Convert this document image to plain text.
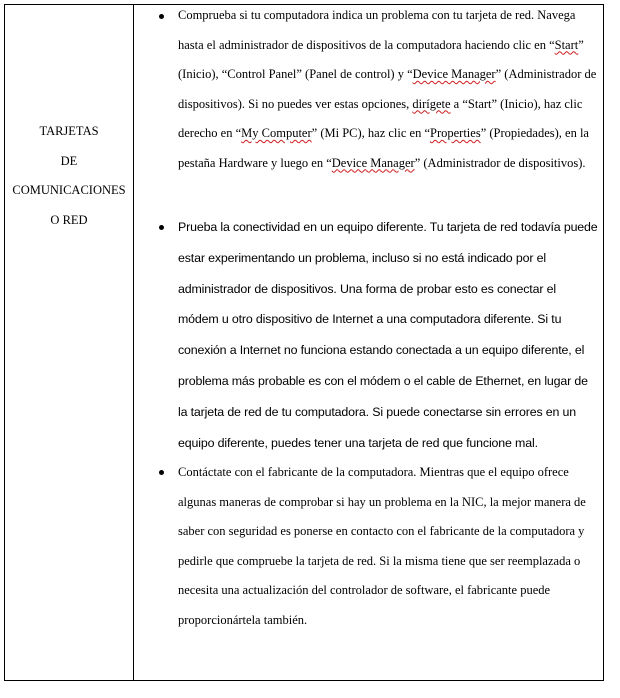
TARJETAS
DE
COMUNICACIONES
O RED

Comprueba si tu computadora indica un problema con tu tarjeta de red. Navega hasta el administrador de dispositivos de la computadora haciendo clic en “Start” (Inicio), “Control Panel” (Panel de control) y “Device Manager” (Administrador de dispositivos). Si no puedes ver estas opciones, dirígete a “Start” (Inicio), haz clic derecho en “My Computer” (Mi PC), haz clic en “Properties” (Propiedades), en la pestaña Hardware y luego en “Device Manager” (Administrador de dispositivos).

Prueba la conectividad en un equipo diferente. Tu tarjeta de red todavía puede estar experimentando un problema, incluso si no está indicado por el administrador de dispositivos. Una forma de probar esto es conectar el módem u otro dispositivo de Internet a una computadora diferente. Si tu conexión a Internet no funciona estando conectada a un equipo diferente, el problema más probable es con el módem o el cable de Ethernet, en lugar de la tarjeta de red de tu computadora. Si puede conectarse sin errores en un equipo diferente, puedes tener una tarjeta de red que funcione mal.

Contáctate con el fabricante de la computadora. Mientras que el equipo ofrece algunas maneras de comprobar si hay un problema en la NIC, la mejor manera de saber con seguridad es ponerse en contacto con el fabricante de la computadora y pedirle que compruebe la tarjeta de red. Si la misma tiene que ser reemplazada o necesita una actualización del controlador de software, el fabricante puede proporcionártela también.
